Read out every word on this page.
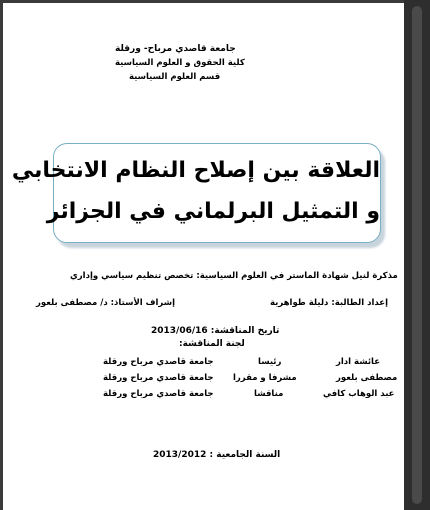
جامعة قاصدي مرباح- ورقلة
كلية الحقوق و العلوم السياسية
قسم العلوم السياسية
العلاقة بين إصلاح النظام الانتخابي
و التمثيل البرلماني في الجزائر
مذكرة لنيل شهادة الماستر في العلوم السياسية: تخصص تنظيم سياسي وإداري
إعداد الطالبة: دليلة طواهرية
إشراف الأستاذ: د/ مصطفى بلعور
تاريخ المناقشة: 2013/06/16
لجنة المناقشة:
عائشة ادار
رئيسا
جامعة قاصدي مرباح ورقلة
مصطفى بلعور
مشرفا و مقررا
جامعة قاصدي مرباح ورقلة
عبد الوهاب كافي
مناقشا
جامعة قاصدي مرباح ورقلة
السنة الجامعية : 2013/2012
